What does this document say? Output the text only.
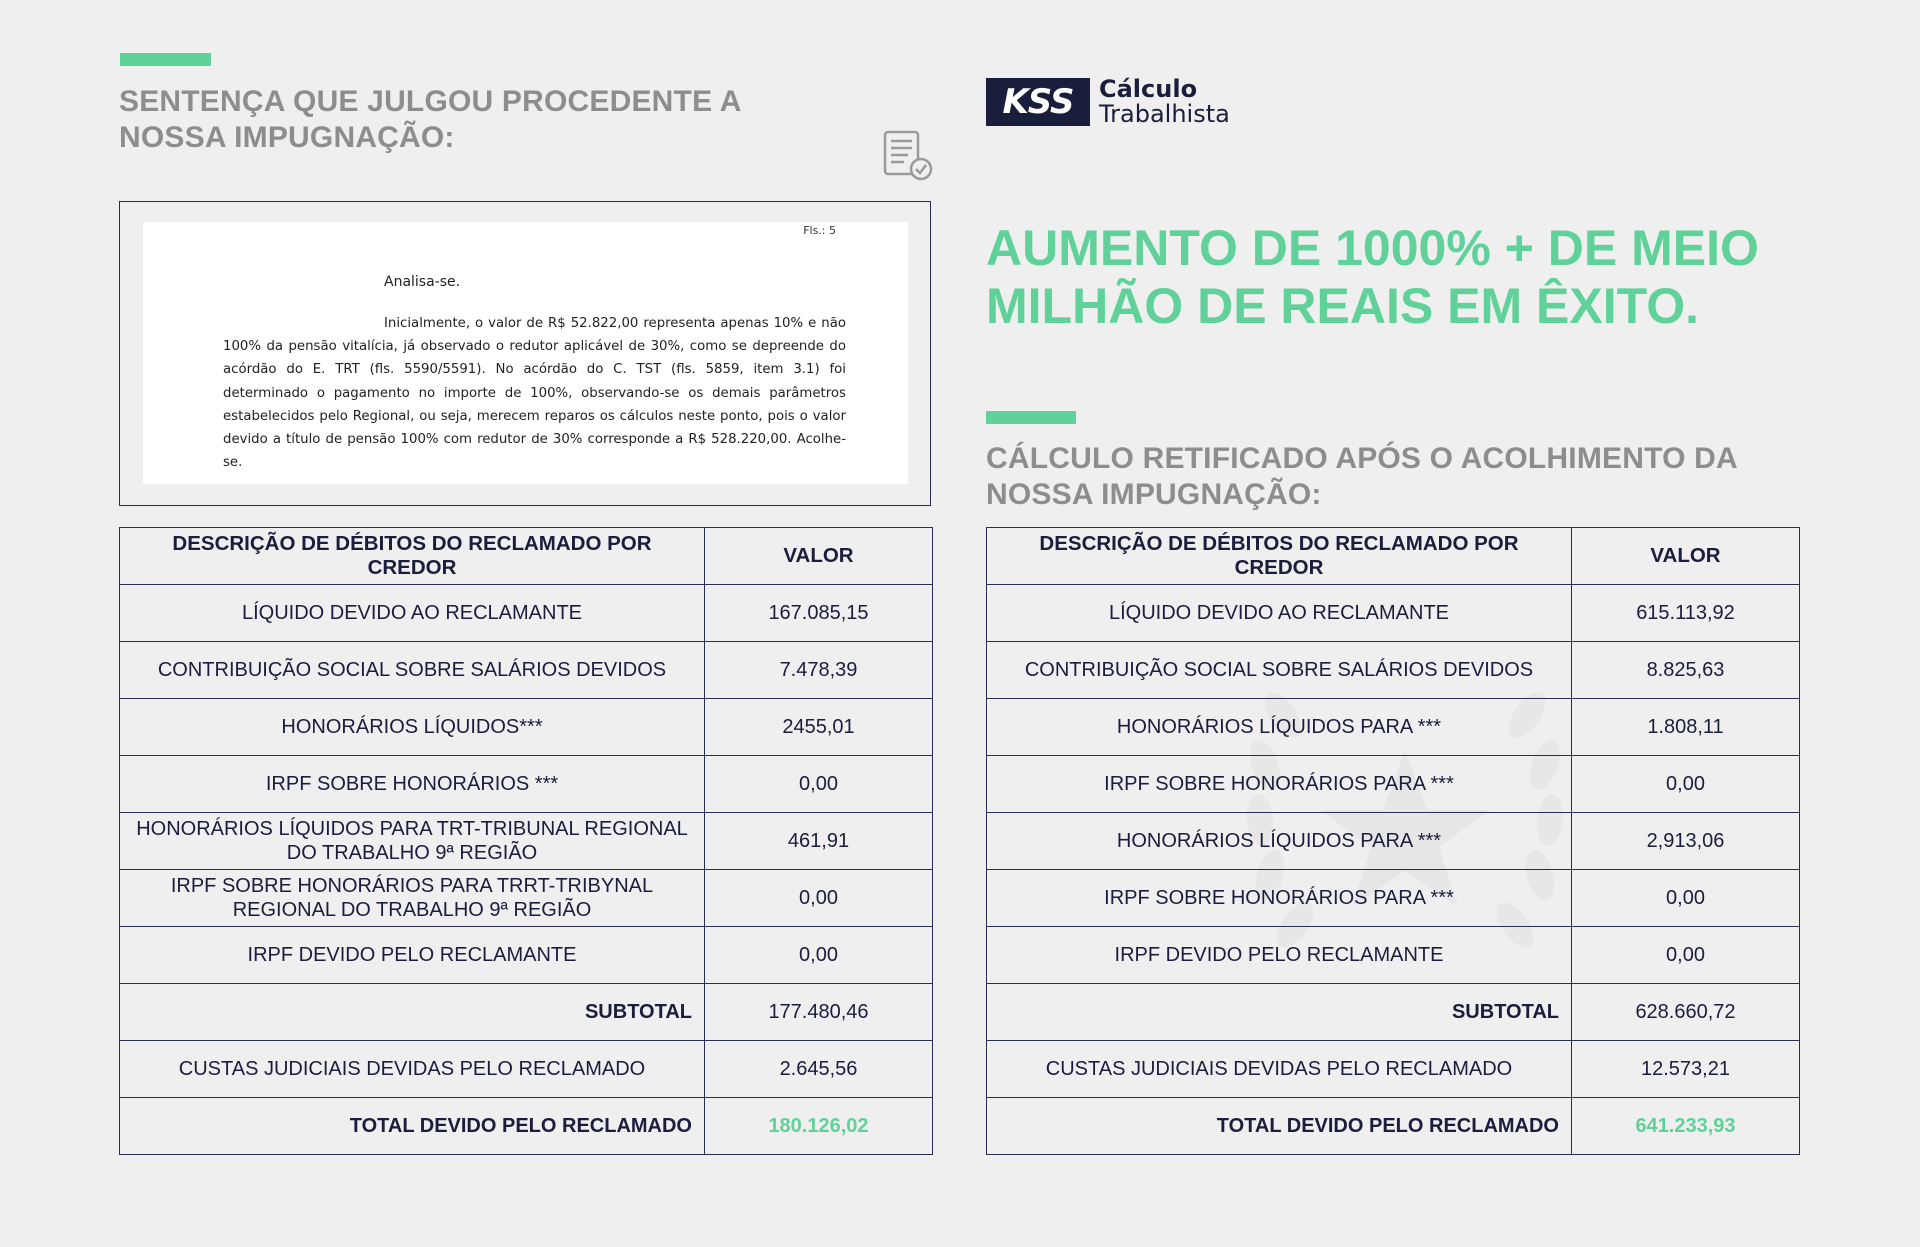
SENTENÇA QUE JULGOU PROCEDENTE A
NOSSA IMPUGNAÇÃO:
Fls.: 5
Analisa-se.

Inicialmente, o valor de R$ 52.822,00 representa apenas 10% e não 100% da pensão vitalícia, já observado o redutor aplicável de 30%, como se depreende do acórdão do E. TRT (fls. 5590/5591). No acórdão do C. TST (fls. 5859, item 3.1) foi determinado o pagamento no importe de 100%, observando-se os demais parâmetros estabelecidos pelo Regional, ou seja, merecem reparos os cálculos neste ponto, pois o valor devido a título de pensão 100% com redutor de 30% corresponde a R$ 528.220,00. Acolhe-se.

DESCRIÇÃO DE DÉBITOS DO RECLAMADO POR CREDOR	VALOR
LÍQUIDO DEVIDO AO RECLAMANTE	167.085,15
CONTRIBUIÇÃO SOCIAL SOBRE SALÁRIOS DEVIDOS	7.478,39
HONORÁRIOS LÍQUIDOS***	2455,01
IRPF SOBRE HONORÁRIOS ***	0,00
HONORÁRIOS LÍQUIDOS PARA TRT-TRIBUNAL REGIONAL DO TRABALHO 9ª REGIÃO	461,91
IRPF SOBRE HONORÁRIOS PARA TRRT-TRIBYNAL REGIONAL DO TRABALHO 9ª REGIÃO	0,00
IRPF DEVIDO PELO RECLAMANTE	0,00
SUBTOTAL	177.480,46
CUSTAS JUDICIAIS DEVIDAS PELO RECLAMADO	2.645,56
TOTAL DEVIDO PELO RECLAMADO	180.126,02
KSS	Cálculo
Trabalhista
AUMENTO DE 1000% + DE MEIO
MILHÃO DE REAIS EM ÊXITO.
CÁLCULO RETIFICADO APÓS O ACOLHIMENTO DA
NOSSA IMPUGNAÇÃO:
DESCRIÇÃO DE DÉBITOS DO RECLAMADO POR CREDOR	VALOR
LÍQUIDO DEVIDO AO RECLAMANTE	615.113,92
CONTRIBUIÇÃO SOCIAL SOBRE SALÁRIOS DEVIDOS	8.825,63
HONORÁRIOS LÍQUIDOS PARA ***	1.808,11
IRPF SOBRE HONORÁRIOS PARA ***	0,00
HONORÁRIOS LÍQUIDOS PARA ***	2,913,06
IRPF SOBRE HONORÁRIOS PARA ***	0,00
IRPF DEVIDO PELO RECLAMANTE	0,00
SUBTOTAL	628.660,72
CUSTAS JUDICIAIS DEVIDAS PELO RECLAMADO	12.573,21
TOTAL DEVIDO PELO RECLAMADO	641.233,93
